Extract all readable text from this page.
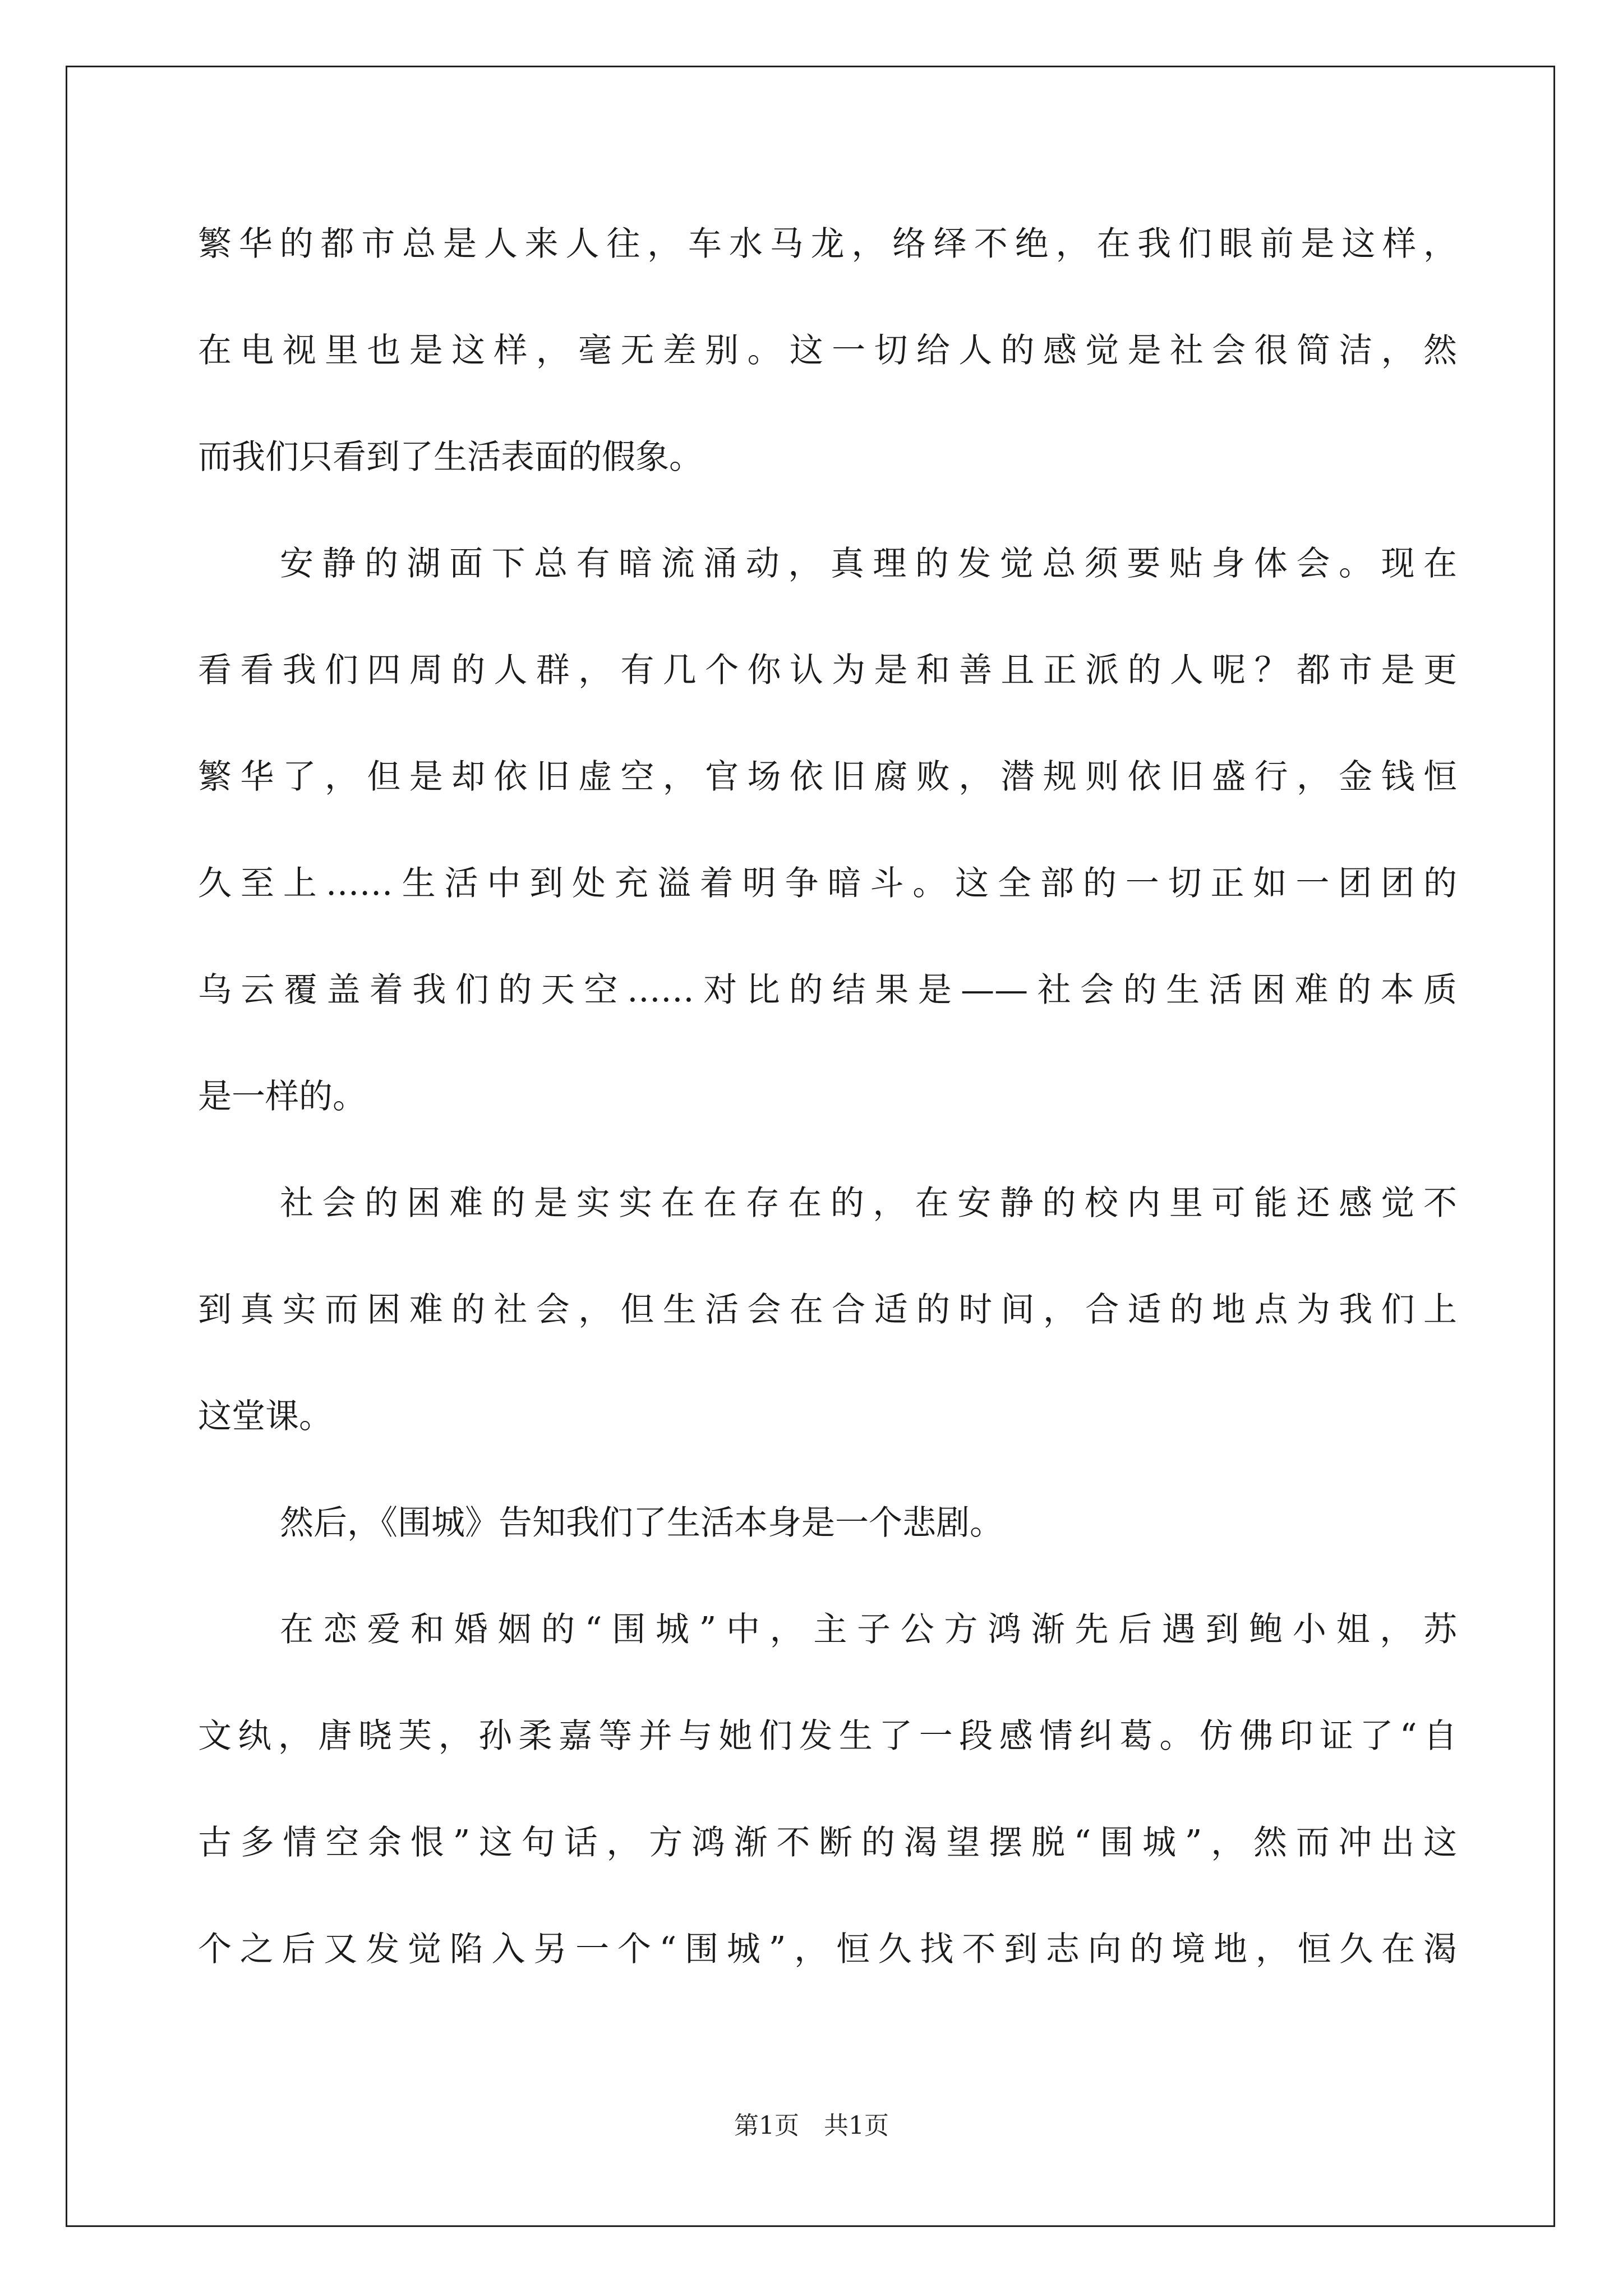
繁华的都市总是人来人往，车水马龙，络绎不绝，在我们眼前是这样，
在电视里也是这样，毫无差别。这一切给人的感觉是社会很简洁，然
而我们只看到了生活表面的假象。
安静的湖面下总有暗流涌动，真理的发觉总须要贴身体会。现在
看看我们四周的人群，有几个你认为是和善且正派的人呢？都市是更
繁华了，但是却依旧虚空，官场依旧腐败，潜规则依旧盛行，金钱恒
久至上……生活中到处充溢着明争暗斗。这全部的一切正如一团团的
乌云覆盖着我们的天空……对比的结果是——社会的生活困难的本质
是一样的。
社会的困难的是实实在在存在的，在安静的校内里可能还感觉不
到真实而困难的社会，但生活会在合适的时间，合适的地点为我们上
这堂课。
然后，《围城》告知我们了生活本身是一个悲剧。
在恋爱和婚姻的“围城”中，主子公方鸿渐先后遇到鲍小姐，苏
文纨，唐晓芙，孙柔嘉等并与她们发生了一段感情纠葛。仿佛印证了“自
古多情空余恨”这句话，方鸿渐不断的渴望摆脱“围城”，然而冲出这
个之后又发觉陷入另一个“围城”，恒久找不到志向的境地，恒久在渴
第1页　共1页
